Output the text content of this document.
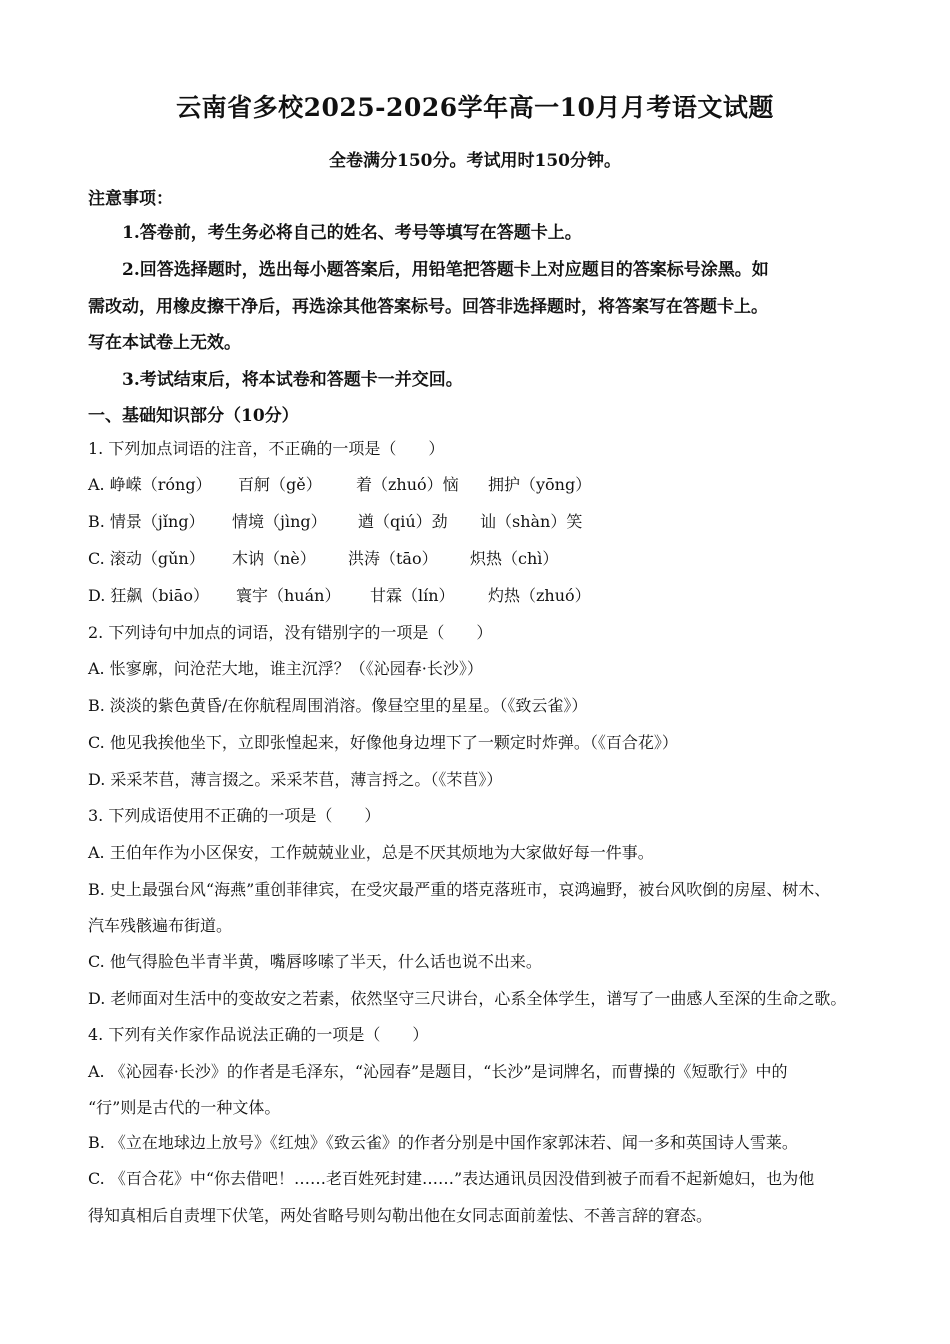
云南省多校2025-2026学年高一10月月考语文试题
全卷满分150分。考试用时150分钟。
注意事项：
1.答卷前，考生务必将自己的姓名、考号等填写在答题卡上。
2.回答选择题时，选出每小题答案后，用铅笔把答题卡上对应题目的答案标号涂黑。如
需改动，用橡皮擦干净后，再选涂其他答案标号。回答非选择题时，将答案写在答题卡上。
写在本试卷上无效。
3.考试结束后，将本试卷和答题卡一并交回。
一、基础知识部分（10分）
1. 下列加点词语的注音，不正确的一项是（　　）
A. 峥嵘（róng） 百舸（gě） 着（zhuó）恼 拥护（yōng）
B. 情景（jǐng） 情境（jìng） 遒（qiú）劲 讪（shàn）笑
C. 滚动（gǔn） 木讷（nè） 洪涛（tāo） 炽热（chì）
D. 狂飙（biāo） 寰宇（huán） 甘霖（lín） 灼热（zhuó）
2. 下列诗句中加点的词语，没有错别字的一项是（　　）
A. 怅寥廓，问沧茫大地，谁主沉浮？（《沁园春·长沙》）
B. 淡淡的紫色黄昏/在你航程周围消溶。像昼空里的星星。（《致云雀》）
C. 他见我挨他坐下，立即张惶起来，好像他身边埋下了一颗定时炸弹。（《百合花》）
D. 采采芣苢，薄言掇之。采采芣苢，薄言捋之。（《芣苢》）
3. 下列成语使用不正确的一项是（　　）
A. 王伯年作为小区保安，工作兢兢业业，总是不厌其烦地为大家做好每一件事。
B. 史上最强台风“海燕”重创菲律宾，在受灾最严重的塔克落班市，哀鸿遍野，被台风吹倒的房屋、树木、
汽车残骸遍布街道。
C. 他气得脸色半青半黄，嘴唇哆嗦了半天，什么话也说不出来。
D. 老师面对生活中的变故安之若素，依然坚守三尺讲台，心系全体学生，谱写了一曲感人至深的生命之歌。
4. 下列有关作家作品说法正确的一项是（　　）
A. 《沁园春·长沙》的作者是毛泽东，“沁园春”是题目，“长沙”是词牌名，而曹操的《短歌行》中的
“行”则是古代的一种文体。
B. 《立在地球边上放号》《红烛》《致云雀》的作者分别是中国作家郭沫若、闻一多和英国诗人雪莱。
C. 《百合花》中“你去借吧！……老百姓死封建……”表达通讯员因没借到被子而看不起新媳妇，也为他
得知真相后自责埋下伏笔，两处省略号则勾勒出他在女同志面前羞怯、不善言辞的窘态。
